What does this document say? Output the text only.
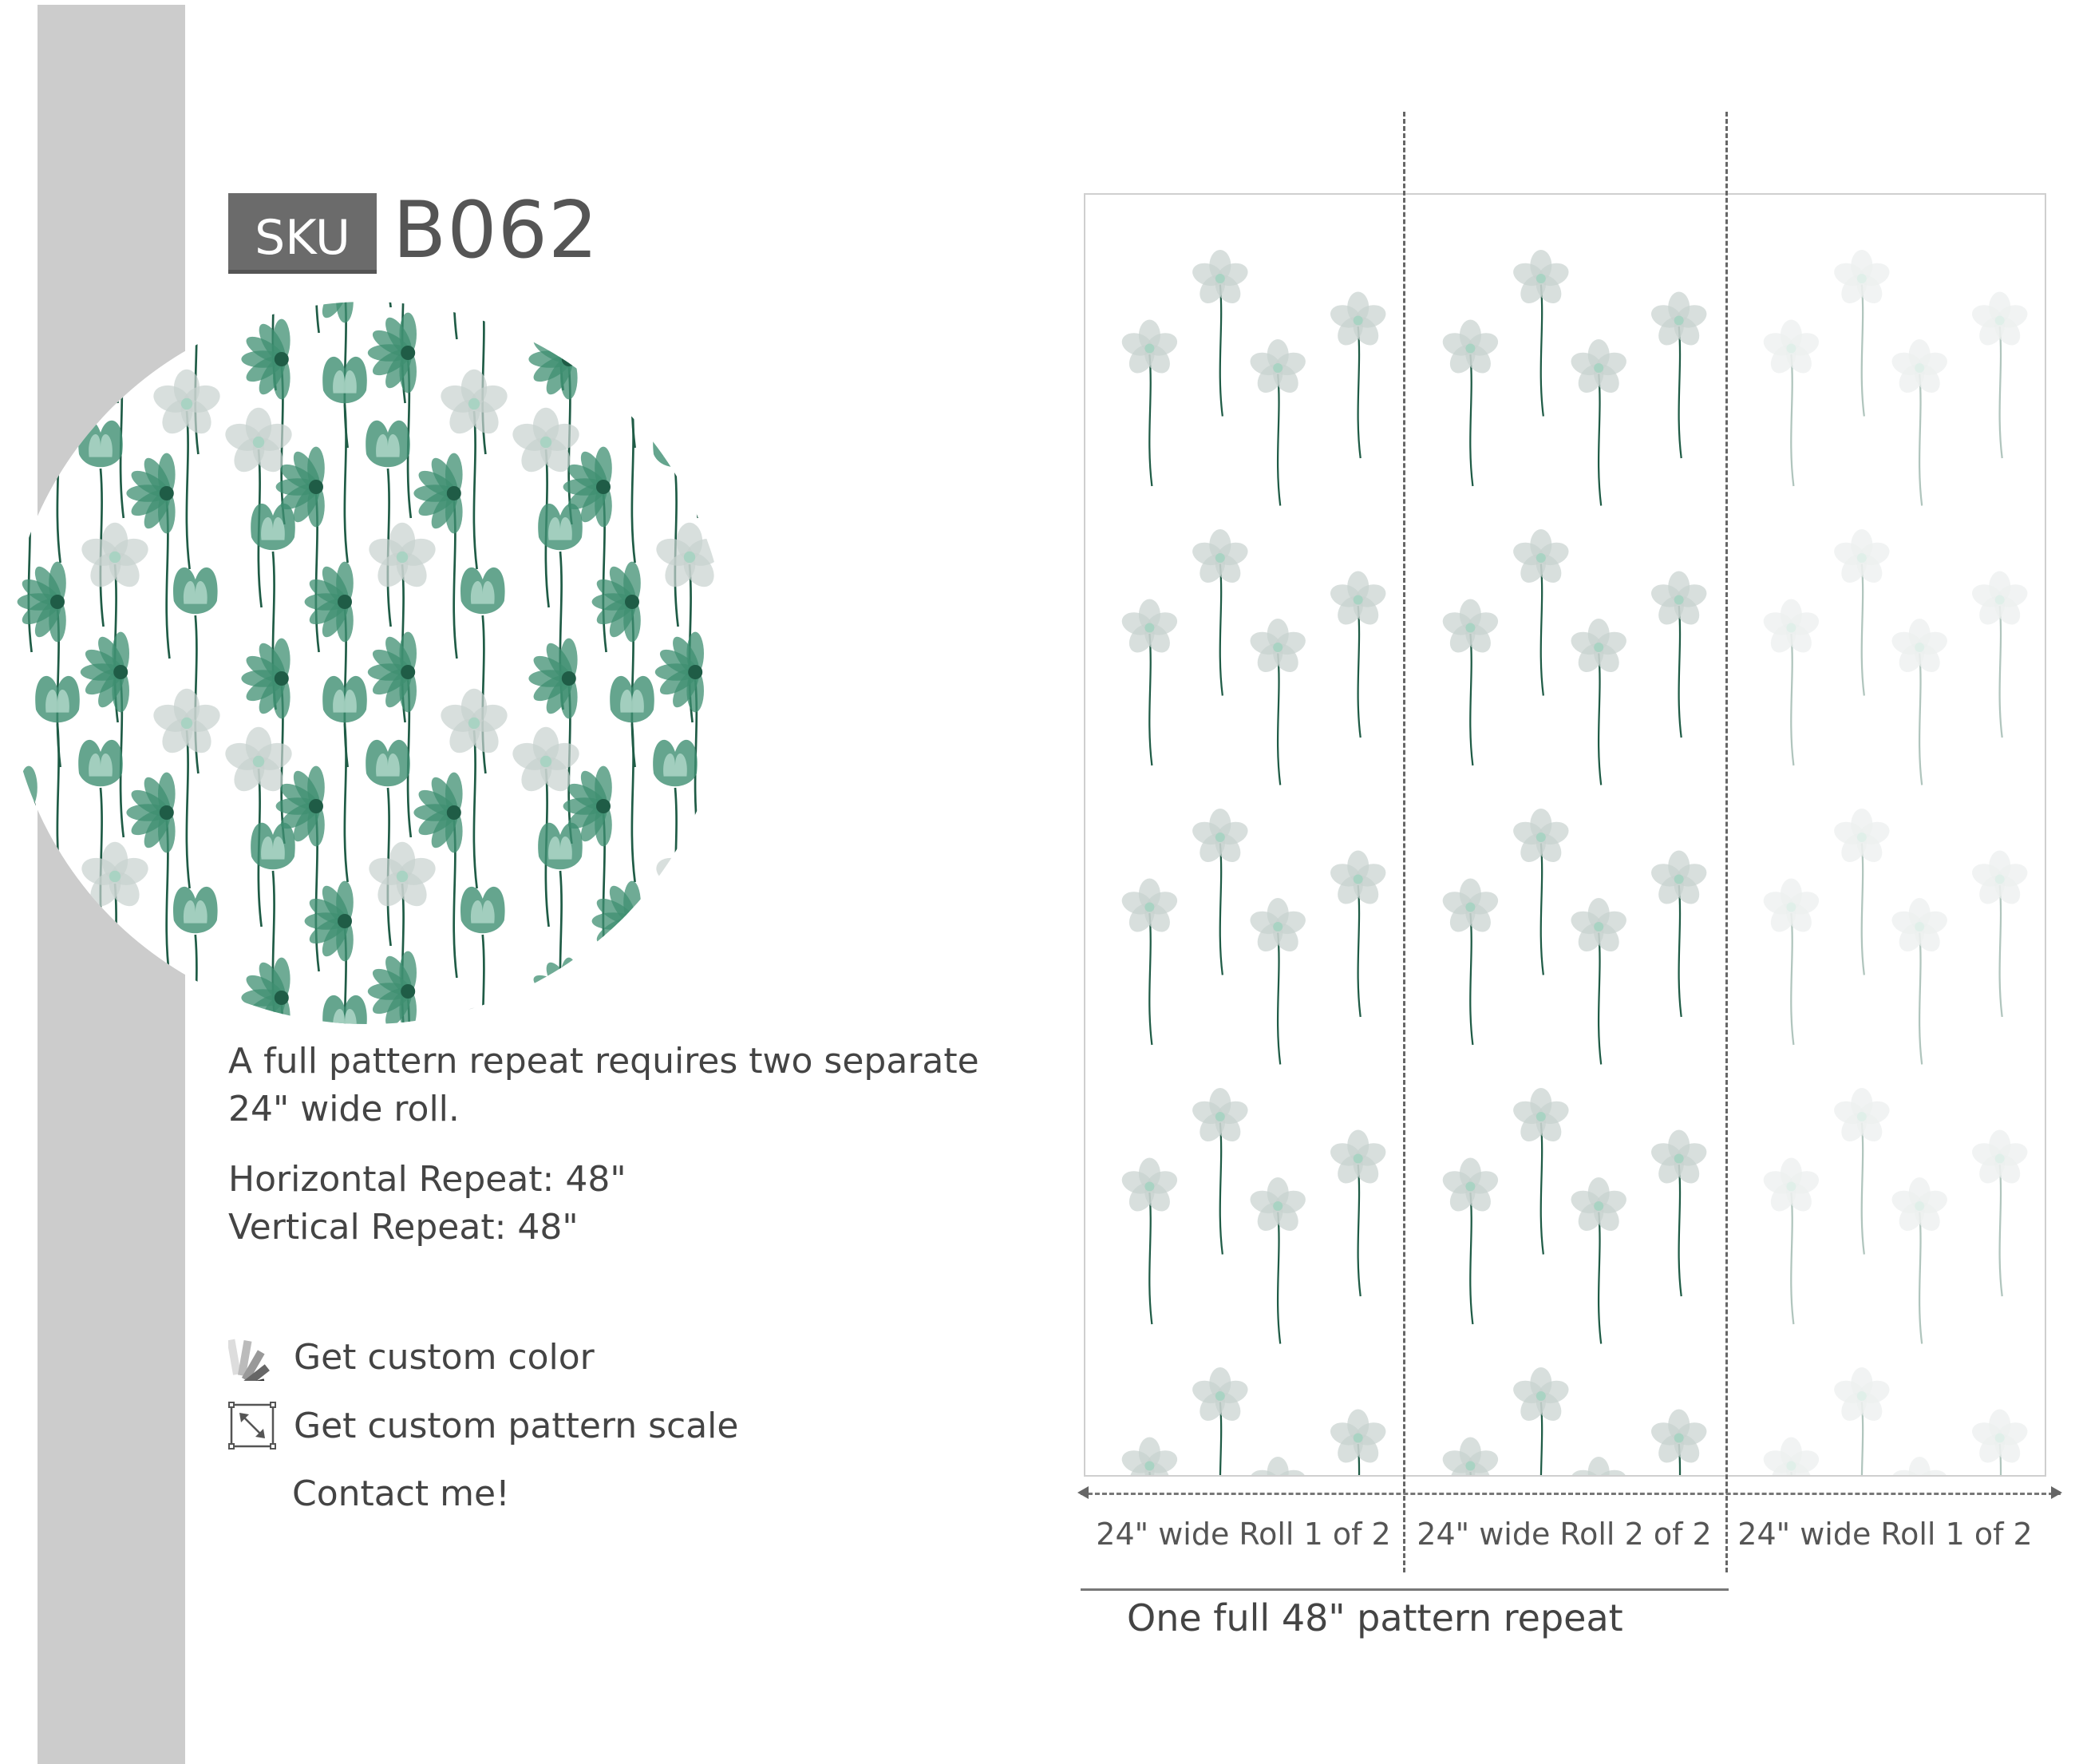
SKU B062
A full pattern repeat requires two separate
24" wide roll.
Horizontal Repeat: 48"
Vertical Repeat: 48"
Get custom color
Get custom pattern scale
Contact me!
24" wide Roll 1 of 2 24" wide Roll 2 of 2 24" wide Roll 1 of 2
One full 48" pattern repeat
